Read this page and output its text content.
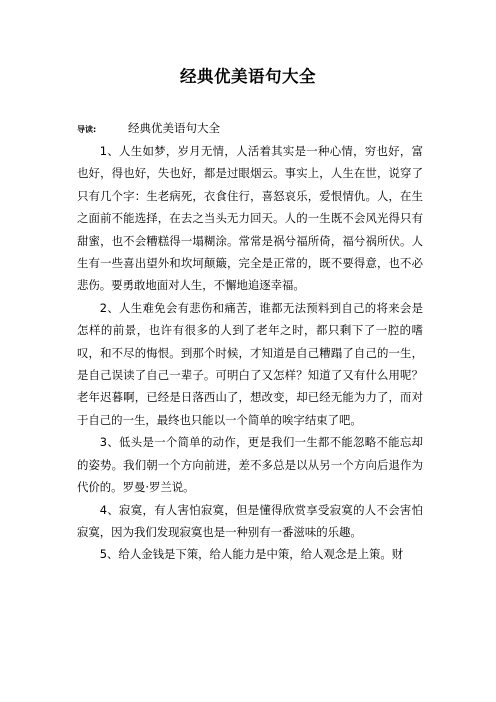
经典优美语句大全
导读:	经典优美语句大全

1、人生如梦，岁月无情，人活着其实是一种心情，穷也好，富也好，得也好，失也好，都是过眼烟云。事实上，人生在世，说穿了只有几个字：生老病死，衣食住行，喜怒哀乐，爱恨情仇。人，在生之面前不能选择，在去之当头无力回天。人的一生既不会风光得只有甜蜜，也不会糟糕得一塌糊涂。常常是祸兮福所倚，福兮祸所伏。人生有一些喜出望外和坎坷颠簸，完全是正常的，既不要得意，也不必悲伤。要勇敢地面对人生，不懈地追逐幸福。

2、人生难免会有悲伤和痛苦，谁都无法预料到自己的将来会是怎样的前景，也许有很多的人到了老年之时，都只剩下了一腔的嗜叹，和不尽的悔恨。到那个时候，才知道是自己糟蹋了自己的一生，是自己误读了自己一辈子。可明白了又怎样？知道了又有什么用呢？老年迟暮啊，已经是日落西山了，想改变，却已经无能为力了，而对于自己的一生，最终也只能以一个简单的唉字结束了吧。

3、低头是一个简单的动作，更是我们一生都不能忽略不能忘却的姿势。我们朝一个方向前进，差不多总是以从另一个方向后退作为代价的。罗曼·罗兰说。

4、寂寞，有人害怕寂寞，但是懂得欣赏享受寂寞的人不会害怕寂寞，因为我们发现寂寞也是一种别有一番滋味的乐趣。

5、给人金钱是下策，给人能力是中策，给人观念是上策。财
